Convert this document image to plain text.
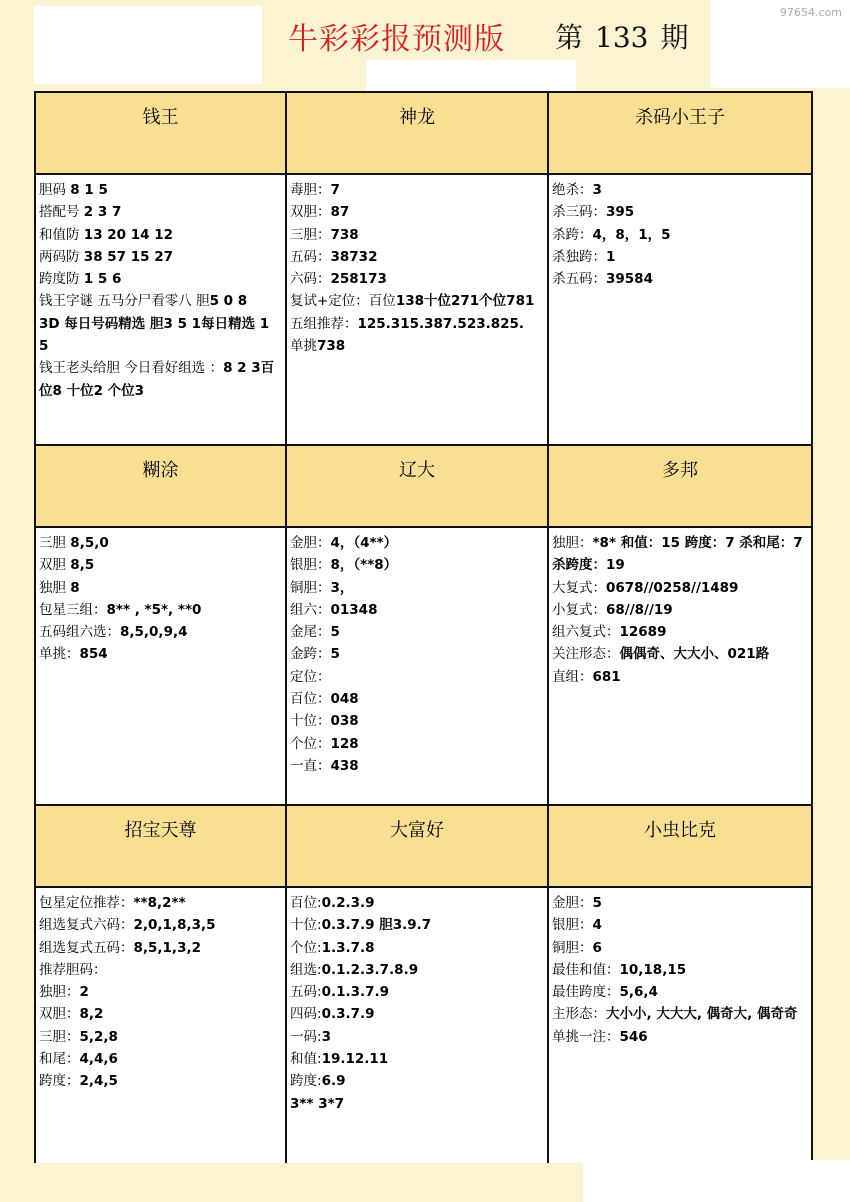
牛彩彩报预测版 第 133 期
97654.com
钱王
胆码 8 1 5
搭配号 2 3 7
和值防 13 20 14 12
两码防 38 57 15 27
跨度防 1 5 6
钱王字谜 五马分尸看零八 胆5 0 8
3D 每日号码精选 胆3 5 1每日精选 1 5
钱王老头给胆 今日看好组选 ：8 2 3百位8 十位2 个位3
神龙
毒胆：7
双胆：87
三胆：738
五码：38732
六码：258173
复试+定位：百位138十位271个位781
五组推荐：125.315.387.523.825.
单挑738
杀码小王子
绝杀：3
杀三码：395
杀跨：4，8，1，5
杀独跨：1
杀五码：39584
糊涂
三胆 8,5,0
双胆 8,5
独胆 8
包星三组：8** , *5*, **0
五码组六选：8,5,0,9,4
单挑：854
辽大
金胆：4，（4**）
银胆：8，（**8）
铜胆：3，
组六：01348
金尾：5
金跨：5
定位：
百位：048
十位：038
个位：128
一直：438
多邦
独胆：*8* 和值：15 跨度：7 杀和尾：7 杀跨度：19
大复式：0678//0258//1489
小复式：68//8//19
组六复式：12689
关注形态：偶偶奇、大大小、021路
直组：681
招宝天尊
包星定位推荐：**8,2**
组选复式六码：2,0,1,8,3,5
组选复式五码：8,5,1,3,2
推荐胆码：
独胆：2
双胆：8,2
三胆：5,2,8
和尾：4,4,6
跨度：2,4,5
大富好
百位:0.2.3.9
十位:0.3.7.9 胆3.9.7
个位:1.3.7.8
组选:0.1.2.3.7.8.9
五码:0.1.3.7.9
四码:0.3.7.9
一码:3
和值:19.12.11
跨度:6.9
3** 3*7
小虫比克
金胆：5
银胆：4
铜胆：6
最佳和值：10,18,15
最佳跨度：5,6,4
主形态：大小小, 大大大, 偶奇大, 偶奇奇
单挑一注：546
